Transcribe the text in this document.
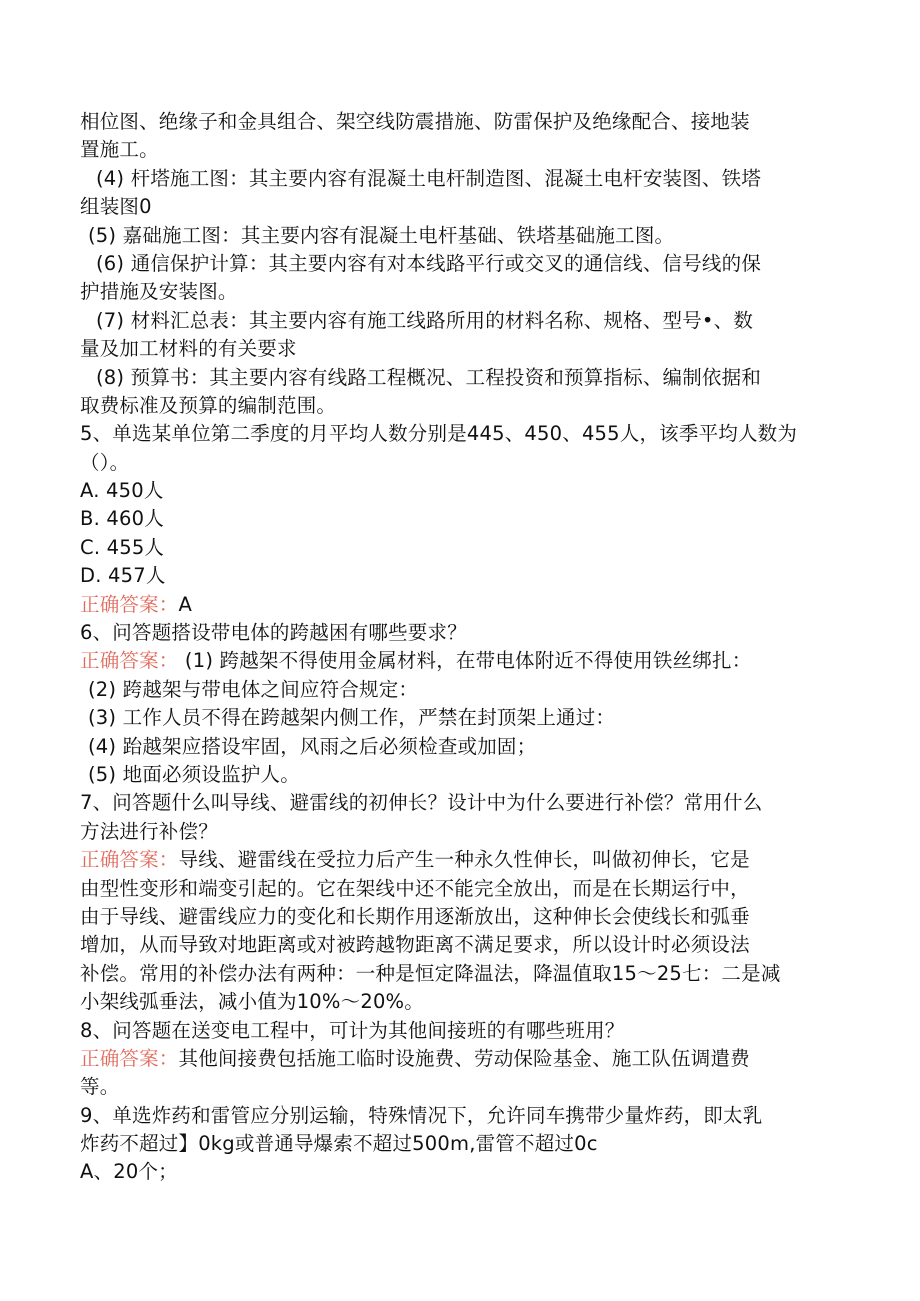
相位图、绝缘子和金具组合、架空线防震措施、防雷保护及绝缘配合、接地装
置施工。
(4) 杆塔施工图：其主要内容有混凝土电杆制造图、混凝土电杆安装图、铁塔
组装图0
(5) 嘉础施工图：其主要内容有混凝土电杆基础、铁塔基础施工图。
(6) 通信保护计算：其主要内容有对本线路平行或交叉的通信线、信号线的保
护措施及安装图。
(7) 材料汇总表：其主要内容有施工线路所用的材料名称、规格、型号•、数
量及加工材料的有关要求
(8) 预算书：其主要内容有线路工程概况、工程投资和预算指标、编制依据和
取费标准及预算的编制范围。
5、单选某单位第二季度的月平均人数分别是445、450、455人，该季平均人数为
（）。
A. 450人
B. 460人
C. 455人
D. 457人
正确答案：A
6、问答题搭设带电体的跨越困有哪些要求？
正确答案： (1) 跨越架不得使用金属材料，在带电体附近不得使用铁丝绑扎：
(2) 跨越架与带电体之间应符合规定：
(3) 工作人员不得在跨越架内侧工作，严禁在封顶架上通过：
(4) 跆越架应搭设牢固，风雨之后必须检查或加固；
(5) 地面必须设监护人。
7、问答题什么叫导线、避雷线的初伸长？设计中为什么要进行补偿？常用什么
方法进行补偿？
正确答案：导线、避雷线在受拉力后产生一种永久性伸长，叫做初伸长，它是
由型性变形和端变引起的。它在架线中还不能完全放出，而是在长期运行中，
由于导线、避雷线应力的变化和长期作用逐渐放出，这种伸长会使线长和弧垂
增加，从而导致对地距离或对被跨越物距离不满足要求，所以设计时必须设法
补偿。常用的补偿办法有两种：一种是恒定降温法，降温值取15〜25七：二是减
小架线弧垂法，减小值为10%〜20%。
8、问答题在送变电工程中，可计为其他间接班的有哪些班用？
正确答案：其他间接费包括施工临时设施费、劳动保险基金、施工队伍调遣费
等。
9、单选炸药和雷管应分别运输，特殊情况下，允许同车携带少量炸药，即太乳
炸药不超过】0kg或普通导爆索不超过500m,雷管不超过0c
A、20个；
